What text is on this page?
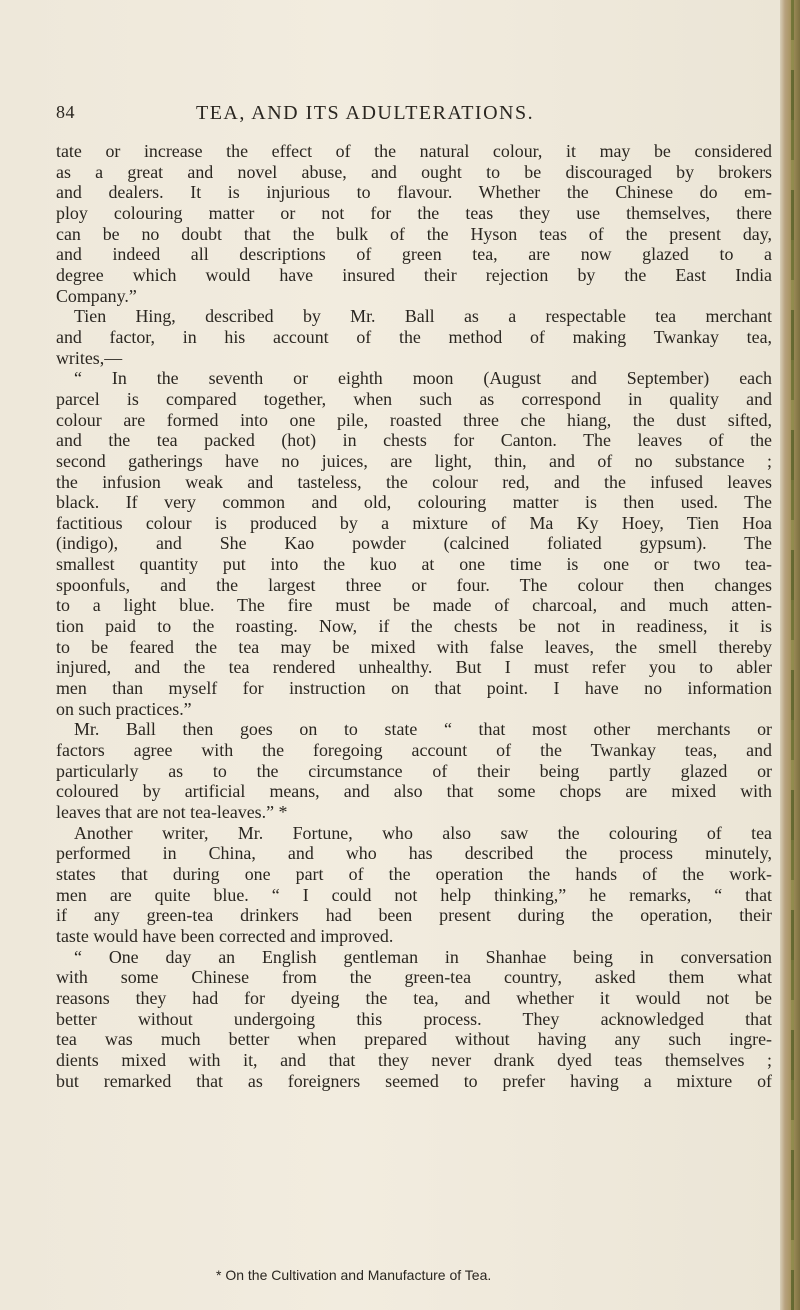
84	TEA, AND ITS ADULTERATIONS.
tate or increase the effect of the natural colour, it may be considered
as a great and novel abuse, and ought to be discouraged by brokers
and dealers. It is injurious to flavour. Whether the Chinese do em-
ploy colouring matter or not for the teas they use themselves, there
can be no doubt that the bulk of the Hyson teas of the present day,
and indeed all descriptions of green tea, are now glazed to a
degree which would have insured their rejection by the East India
Company.”
Tien Hing, described by Mr. Ball as a respectable tea merchant
and factor, in his account of the method of making Twankay tea,
writes,—
“ In the seventh or eighth moon (August and September) each
parcel is compared together, when such as correspond in quality and
colour are formed into one pile, roasted three che hiang, the dust sifted,
and the tea packed (hot) in chests for Canton. The leaves of the
second gatherings have no juices, are light, thin, and of no substance ;
the infusion weak and tasteless, the colour red, and the infused leaves
black. If very common and old, colouring matter is then used. The
factitious colour is produced by a mixture of Ma Ky Hoey, Tien Hoa
(indigo), and She Kao powder (calcined foliated gypsum). The
smallest quantity put into the kuo at one time is one or two tea-
spoonfuls, and the largest three or four. The colour then changes
to a light blue. The fire must be made of charcoal, and much atten-
tion paid to the roasting. Now, if the chests be not in readiness, it is
to be feared the tea may be mixed with false leaves, the smell thereby
injured, and the tea rendered unhealthy. But I must refer you to abler
men than myself for instruction on that point. I have no information
on such practices.”
Mr. Ball then goes on to state “ that most other merchants or
factors agree with the foregoing account of the Twankay teas, and
particularly as to the circumstance of their being partly glazed or
coloured by artificial means, and also that some chops are mixed with
leaves that are not tea-leaves.” *
Another writer, Mr. Fortune, who also saw the colouring of tea
performed in China, and who has described the process minutely,
states that during one part of the operation the hands of the work-
men are quite blue. “ I could not help thinking,” he remarks, “ that
if any green-tea drinkers had been present during the operation, their
taste would have been corrected and improved.
“ One day an English gentleman in Shanhae being in conversation
with some Chinese from the green-tea country, asked them what
reasons they had for dyeing the tea, and whether it would not be
better without undergoing this process. They acknowledged that
tea was much better when prepared without having any such ingre-
dients mixed with it, and that they never drank dyed teas themselves ;
but remarked that as foreigners seemed to prefer having a mixture of
* On the Cultivation and Manufacture of Tea.
